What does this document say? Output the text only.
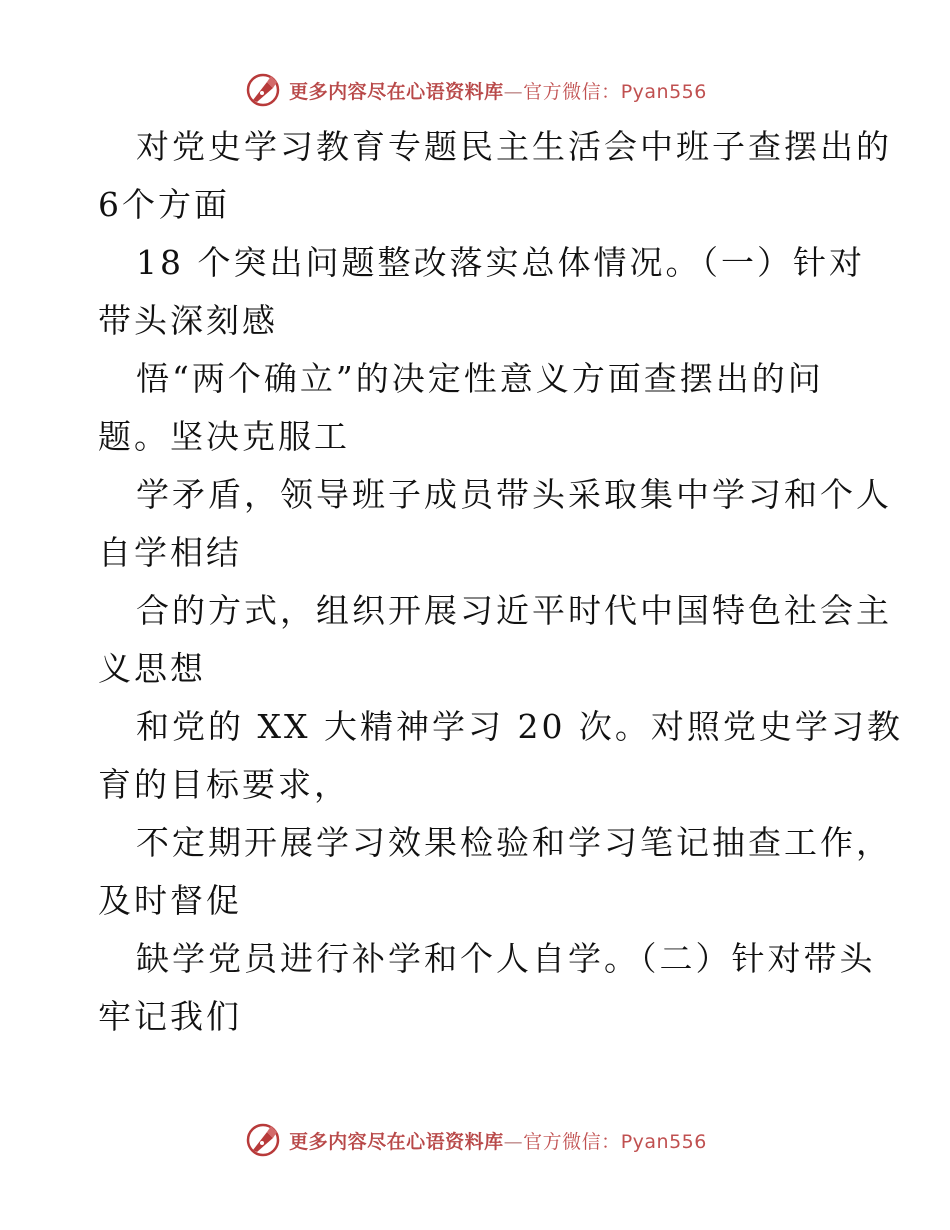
更多内容尽在心语资料库—官方微信：Pyan556
对党史学习教育专题民主生活会中班子查摆出的
6个方面
18 个突出问题整改落实总体情况。（一）针对
带头深刻感
悟“两个确立”的决定性意义方面查摆出的问
题。坚决克服工
学矛盾，领导班子成员带头采取集中学习和个人
自学相结
合的方式，组织开展习近平时代中国特色社会主
义思想
和党的 XX 大精神学习 20 次。对照党史学习教
育的目标要求，
不定期开展学习效果检验和学习笔记抽查工作，
及时督促
缺学党员进行补学和个人自学。（二）针对带头
牢记我们
更多内容尽在心语资料库—官方微信：Pyan556
